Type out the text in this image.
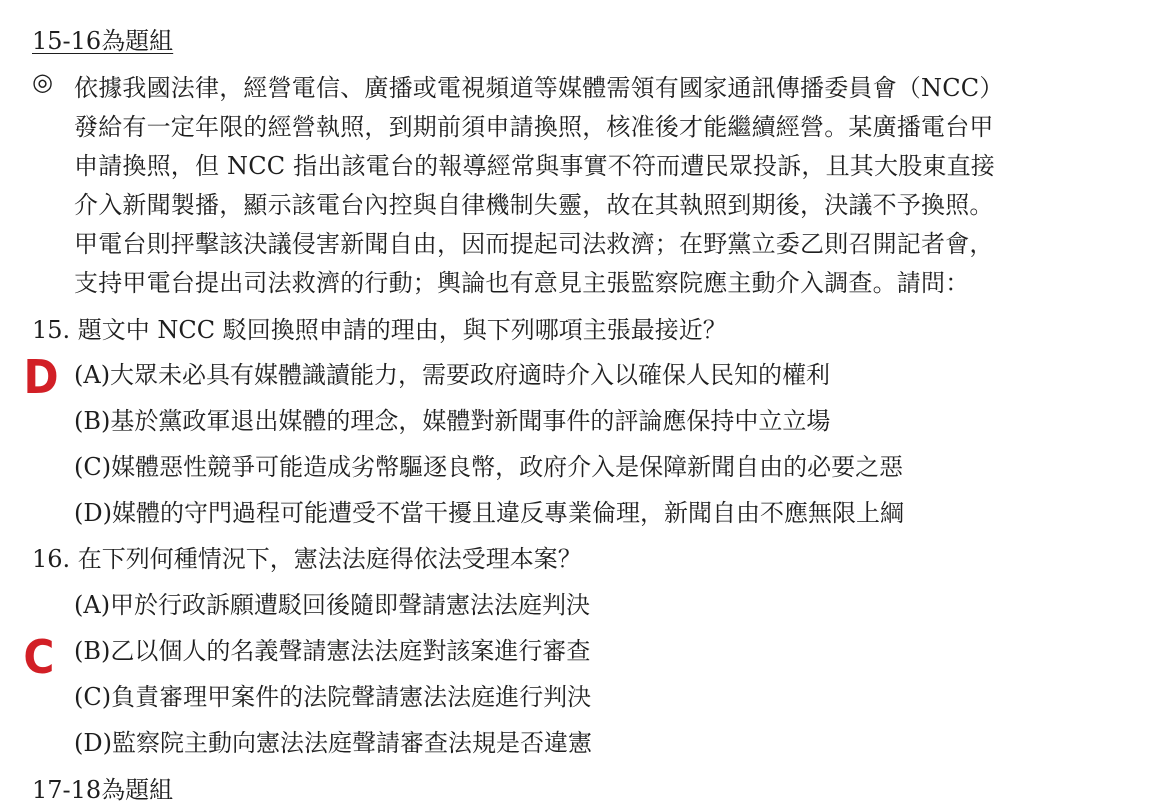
15-16為題組
◎ 依據我國法律，經營電信、廣播或電視頻道等媒體需領有國家通訊傳播委員會（NCC）
發給有一定年限的經營執照，到期前須申請換照，核准後才能繼續經營。某廣播電台甲
申請換照，但 NCC 指出該電台的報導經常與事實不符而遭民眾投訴，且其大股東直接
介入新聞製播，顯示該電台內控與自律機制失靈，故在其執照到期後，決議不予換照。
甲電台則抨擊該決議侵害新聞自由，因而提起司法救濟；在野黨立委乙則召開記者會，
支持甲電台提出司法救濟的行動；輿論也有意見主張監察院應主動介入調查。請問：
15. 題文中 NCC 駁回換照申請的理由，與下列哪項主張最接近？
D (A)大眾未必具有媒體識讀能力，需要政府適時介入以確保人民知的權利
(B)基於黨政軍退出媒體的理念，媒體對新聞事件的評論應保持中立立場
(C)媒體惡性競爭可能造成劣幣驅逐良幣，政府介入是保障新聞自由的必要之惡
(D)媒體的守門過程可能遭受不當干擾且違反專業倫理，新聞自由不應無限上綱
16. 在下列何種情況下，憲法法庭得依法受理本案？
(A)甲於行政訴願遭駁回後隨即聲請憲法法庭判決
C (B)乙以個人的名義聲請憲法法庭對該案進行審查
(C)負責審理甲案件的法院聲請憲法法庭進行判決
(D)監察院主動向憲法法庭聲請審查法規是否違憲
17-18為題組
